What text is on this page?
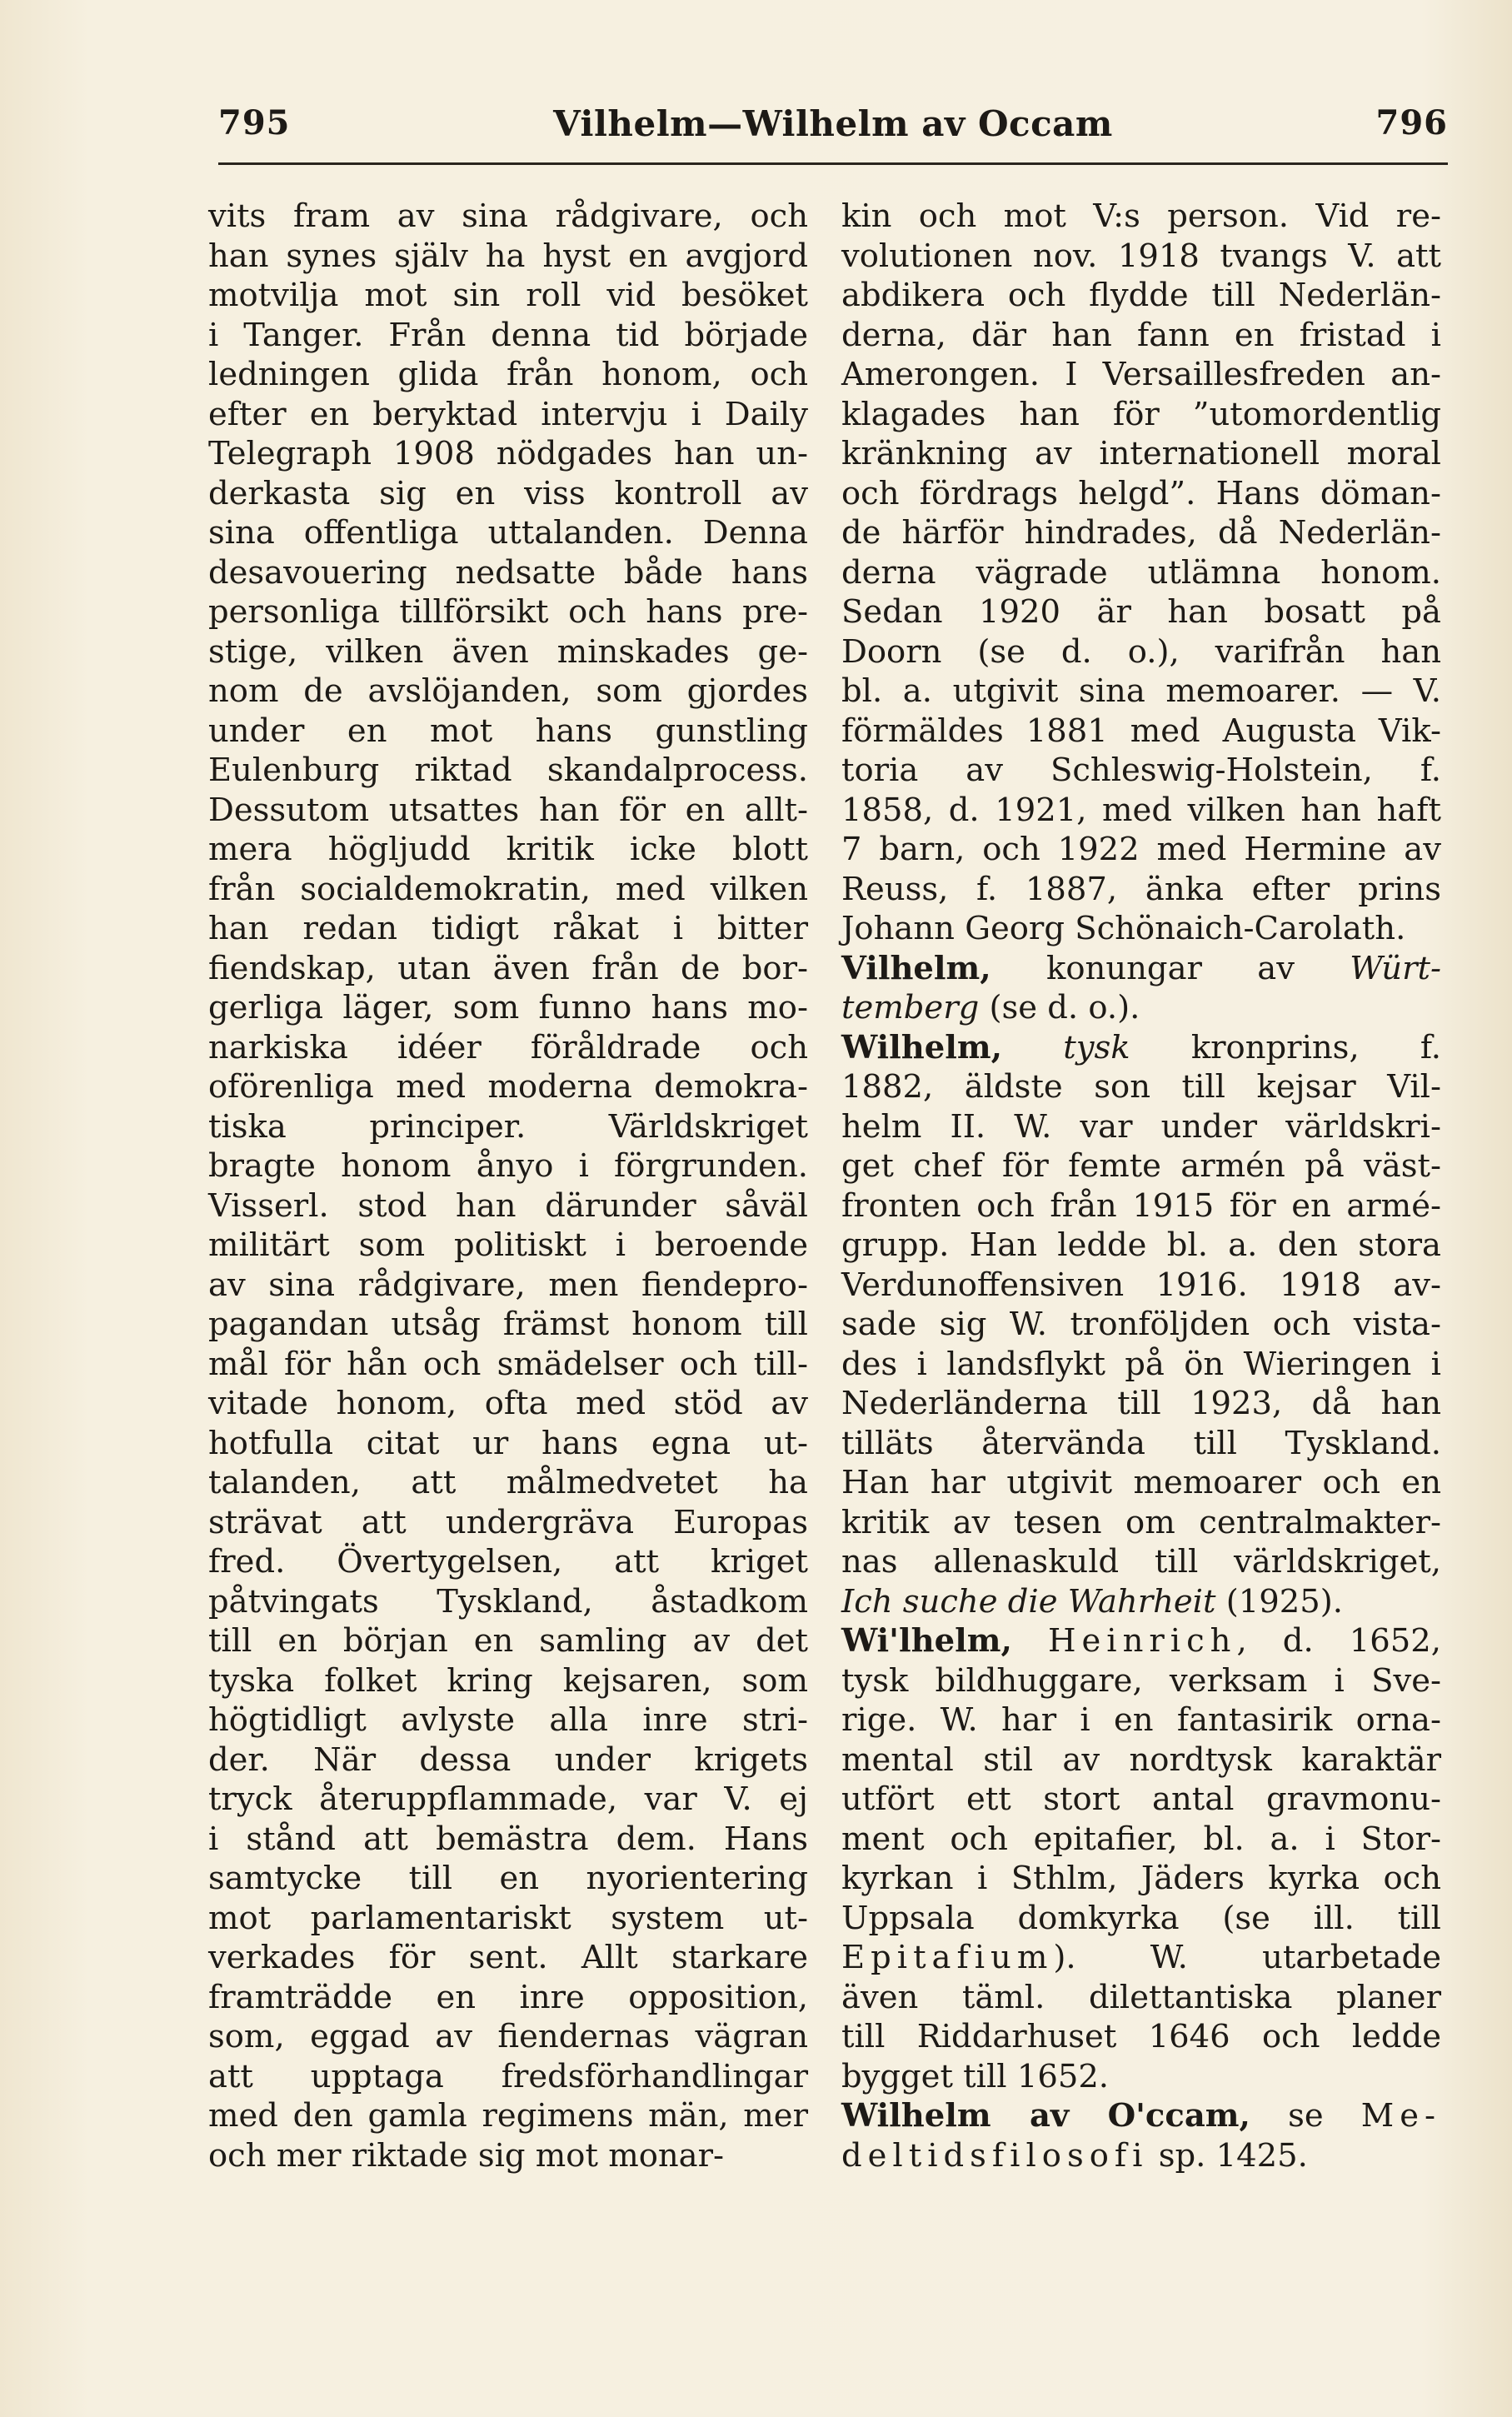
795	Vilhelm—Wilhelm av Occam	796
vits fram av sina rådgivare, och
han synes själv ha hyst en avgjord
motvilja mot sin roll vid besöket
i Tanger. Från denna tid började
ledningen glida från honom, och
efter en beryktad intervju i Daily
Telegraph 1908 nödgades han un-
derkasta sig en viss kontroll av
sina offentliga uttalanden. Denna
desavouering nedsatte både hans
personliga tillförsikt och hans pre-
stige, vilken även minskades ge-
nom de avslöjanden, som gjordes
under en mot hans gunstling
Eulenburg riktad skandalprocess.
Dessutom utsattes han för en allt-
mera högljudd kritik icke blott
från socialdemokratin, med vilken
han redan tidigt råkat i bitter
fiendskap, utan även från de bor-
gerliga läger, som funno hans mo-
narkiska idéer föråldrade och
oförenliga med moderna demokra-
tiska principer. Världskriget
bragte honom ånyo i förgrunden.
Visserl. stod han därunder såväl
militärt som politiskt i beroende
av sina rådgivare, men fiendepro-
pagandan utsåg främst honom till
mål för hån och smädelser och till-
vitade honom, ofta med stöd av
hotfulla citat ur hans egna ut-
talanden, att målmedvetet ha
strävat att undergräva Europas
fred. Övertygelsen, att kriget
påtvingats Tyskland, åstadkom
till en början en samling av det
tyska folket kring kejsaren, som
högtidligt avlyste alla inre stri-
der. När dessa under krigets
tryck återuppflammade, var V. ej
i stånd att bemästra dem. Hans
samtycke till en nyorientering
mot parlamentariskt system ut-
verkades för sent. Allt starkare
framträdde en inre opposition,
som, eggad av fiendernas vägran
att upptaga fredsförhandlingar
med den gamla regimens män, mer
och mer riktade sig mot monar-
kin och mot V:s person. Vid re-
volutionen nov. 1918 tvangs V. att
abdikera och flydde till Nederlän-
derna, där han fann en fristad i
Amerongen. I Versaillesfreden an-
klagades han för ”utomordentlig
kränkning av internationell moral
och fördrags helgd”. Hans döman-
de härför hindrades, då Nederlän-
derna vägrade utlämna honom.
Sedan 1920 är han bosatt på
Doorn (se d. o.), varifrån han
bl. a. utgivit sina memoarer. — V.
förmäldes 1881 med Augusta Vik-
toria av Schleswig-Holstein, f.
1858, d. 1921, med vilken han haft
7 barn, och 1922 med Hermine av
Reuss, f. 1887, änka efter prins
Johann Georg Schönaich-Carolath.
Vilhelm, konungar av Würt-
temberg (se d. o.).
Wilhelm, tysk kronprins, f.
1882, äldste son till kejsar Vil-
helm II. W. var under världskri-
get chef för femte armén på väst-
fronten och från 1915 för en armé-
grupp. Han ledde bl. a. den stora
Verdunoffensiven 1916. 1918 av-
sade sig W. tronföljden och vista-
des i landsflykt på ön Wieringen i
Nederländerna till 1923, då han
tilläts återvända till Tyskland.
Han har utgivit memoarer och en
kritik av tesen om centralmakter-
nas allenaskuld till världskriget,
Ich suche die Wahrheit (1925).
Wi'lhelm, Heinrich, d. 1652,
tysk bildhuggare, verksam i Sve-
rige. W. har i en fantasirik orna-
mental stil av nordtysk karaktär
utfört ett stort antal gravmonu-
ment och epitafier, bl. a. i Stor-
kyrkan i Sthlm, Jäders kyrka och
Uppsala domkyrka (se ill. till
Epitafium). W. utarbetade
även täml. dilettantiska planer
till Riddarhuset 1646 och ledde
bygget till 1652.
Wilhelm av O'ccam, se Me-
deltidsfilosofi sp. 1425.
